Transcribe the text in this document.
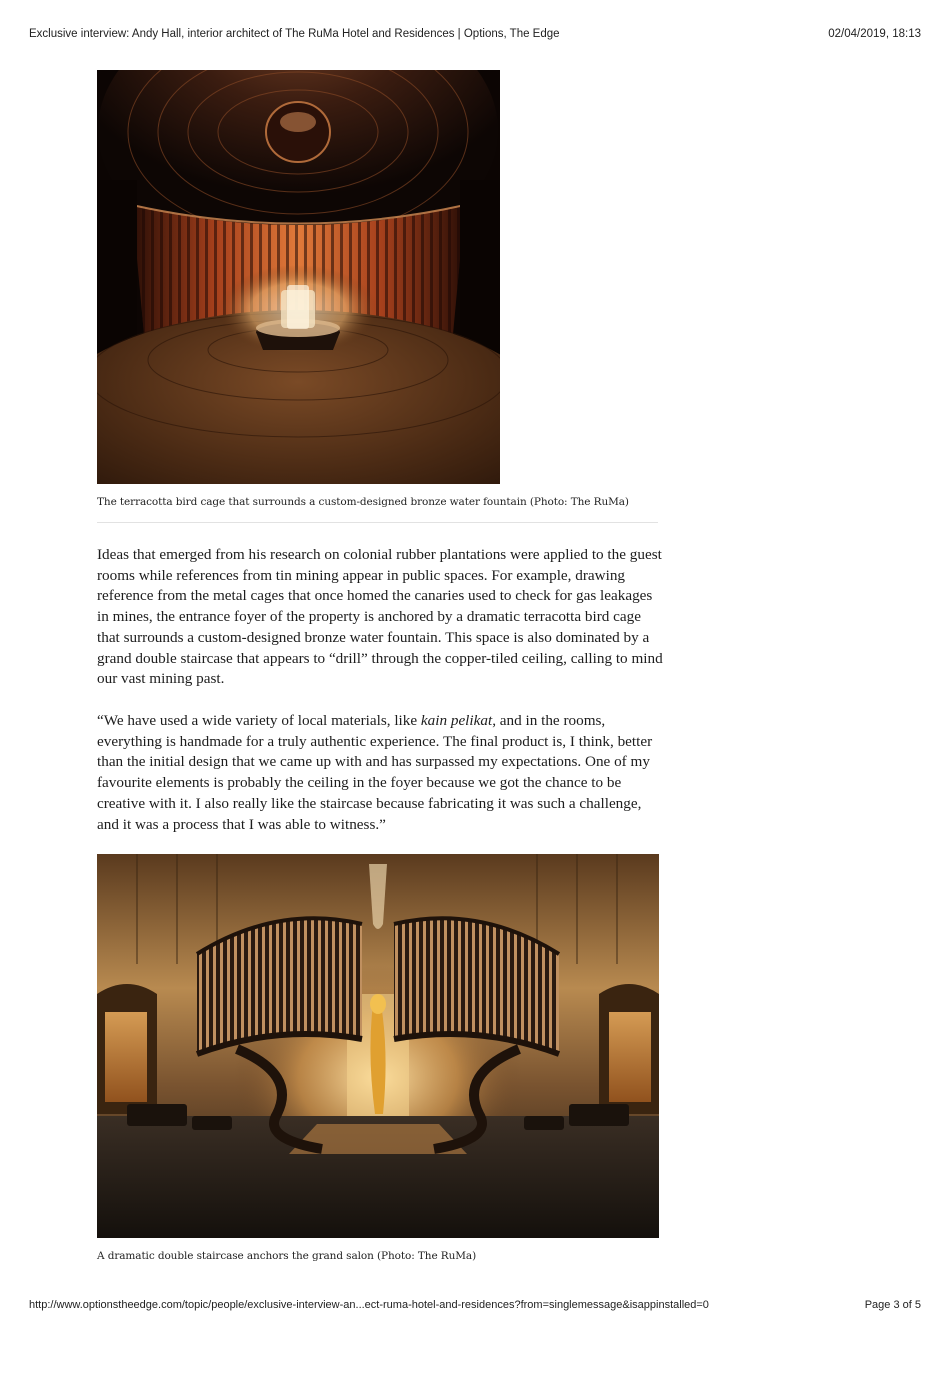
Exclusive interview: Andy Hall, interior architect of The RuMa Hotel and Residences | Options, The Edge	02/04/2019, 18:13
The terracotta bird cage that surrounds a custom-designed bronze water fountain (Photo: The RuMa)

Ideas that emerged from his research on colonial rubber plantations were applied to the guest rooms while references from tin mining appear in public spaces. For example, drawing reference from the metal cages that once homed the canaries used to check for gas leakages in mines, the entrance foyer of the property is anchored by a dramatic terracotta bird cage that surrounds a custom-designed bronze water fountain. This space is also dominated by a grand double staircase that appears to “drill” through the copper-tiled ceiling, calling to mind our vast mining past.

“We have used a wide variety of local materials, like kain pelikat, and in the rooms, everything is handmade for a truly authentic experience. The final product is, I think, better than the initial design that we came up with and has surpassed my expectations. One of my favourite elements is probably the ceiling in the foyer because we got the chance to be creative with it. I also really like the staircase because fabricating it was such a challenge, and it was a process that I was able to witness.”

A dramatic double staircase anchors the grand salon (Photo: The RuMa)
http://www.optionstheedge.com/topic/people/exclusive-interview-an...ect-ruma-hotel-and-residences?from=singlemessage&isappinstalled=0	Page 3 of 5
